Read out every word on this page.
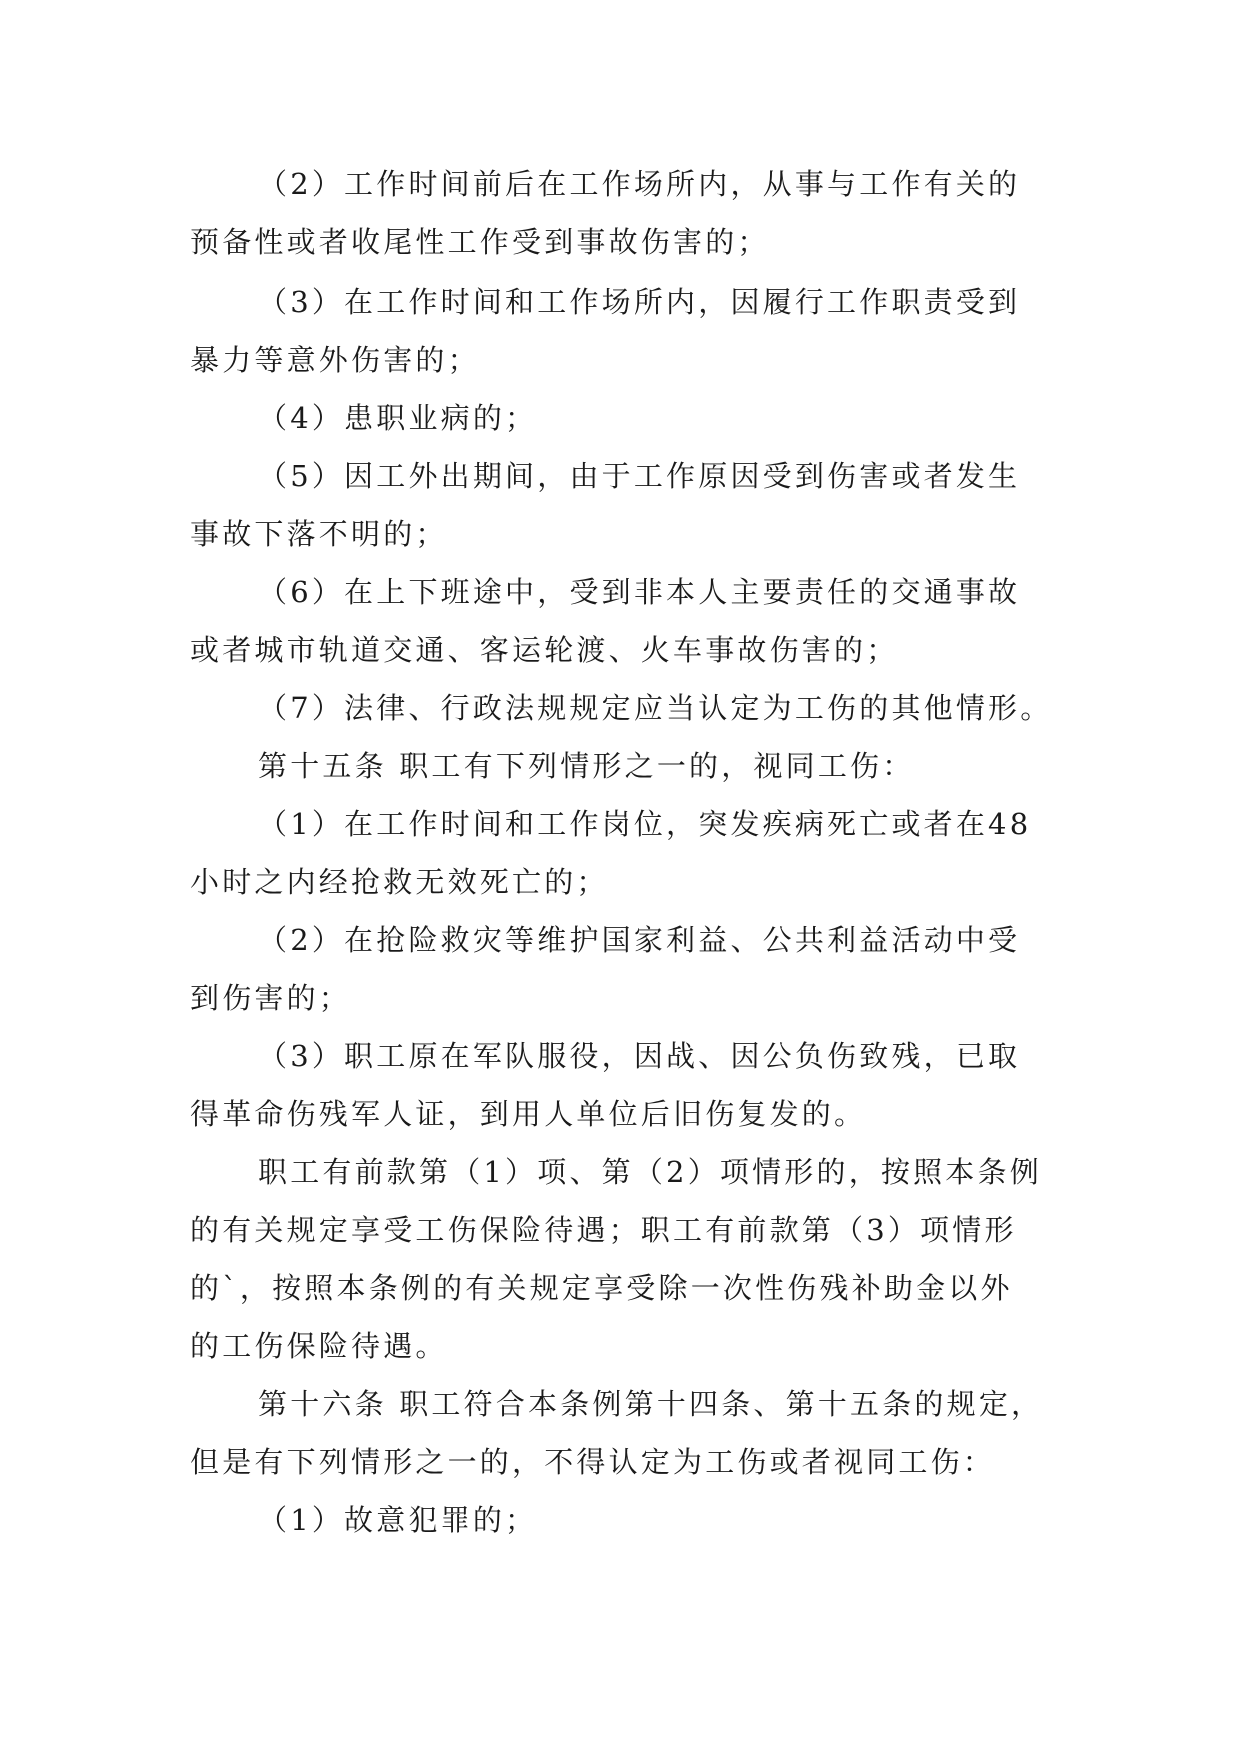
（2）工作时间前后在工作场所内，从事与工作有关的

预备性或者收尾性工作受到事故伤害的；

（3）在工作时间和工作场所内，因履行工作职责受到

暴力等意外伤害的；

（4）患职业病的；

（5）因工外出期间，由于工作原因受到伤害或者发生

事故下落不明的；

（6）在上下班途中，受到非本人主要责任的交通事故

或者城市轨道交通、客运轮渡、火车事故伤害的；

（7）法律、行政法规规定应当认定为工伤的其他情形。

第十五条 职工有下列情形之一的，视同工伤：

（1）在工作时间和工作岗位，突发疾病死亡或者在48

小时之内经抢救无效死亡的；

（2）在抢险救灾等维护国家利益、公共利益活动中受

到伤害的；

（3）职工原在军队服役，因战、因公负伤致残，已取

得革命伤残军人证，到用人单位后旧伤复发的。

职工有前款第（1）项、第（2）项情形的，按照本条例

的有关规定享受工伤保险待遇；职工有前款第（3）项情形

的`，按照本条例的有关规定享受除一次性伤残补助金以外

的工伤保险待遇。

第十六条 职工符合本条例第十四条、第十五条的规定，

但是有下列情形之一的，不得认定为工伤或者视同工伤：

（1）故意犯罪的；
